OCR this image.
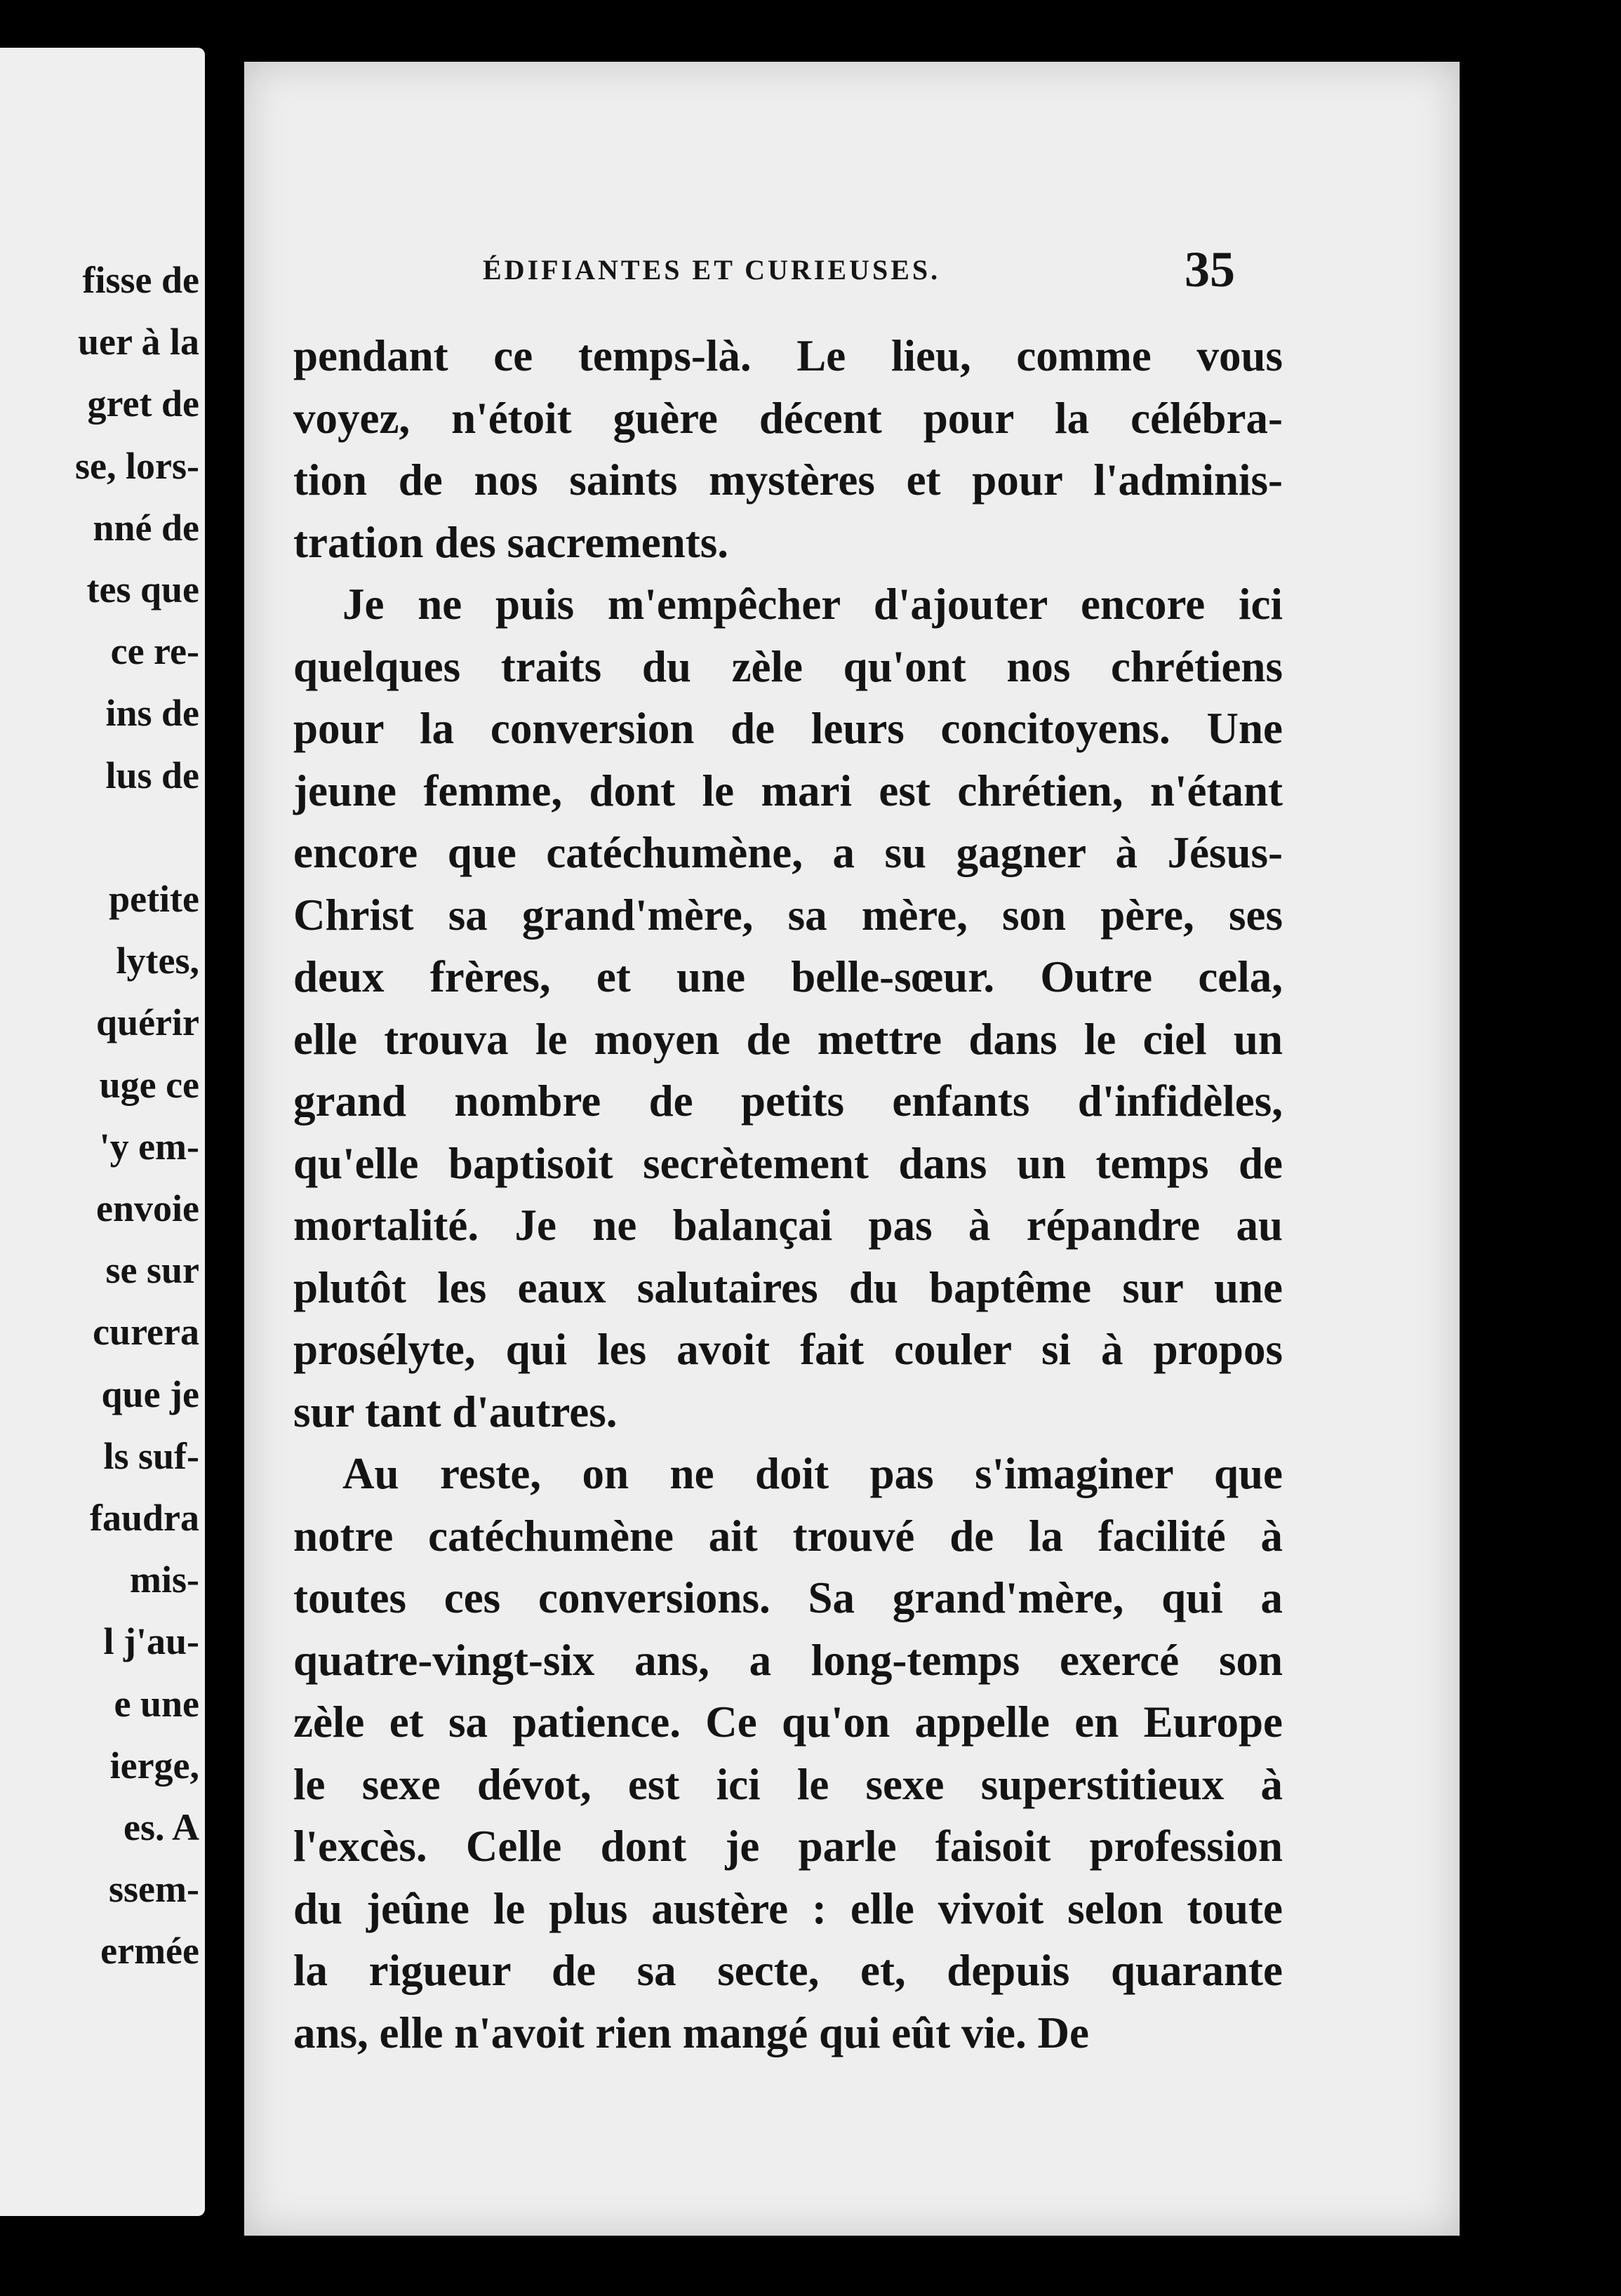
fisse de
uer à la
gret de
se, lors-
nné de
tes que
ce re-
ins de
lus de
petite
lytes,
quérir
uge ce
'y em-
envoie
se sur
curera
que je
ls suf-
faudra
mis-
l j'au-
e une
ierge,
es. A
ssem-
ermée
ÉDIFIANTES ET CURIEUSES.	35
pendant ce temps-là. Le lieu, comme vous
voyez, n'étoit guère décent pour la célébra-
tion de nos saints mystères et pour l'adminis-
tration des sacrements.
Je ne puis m'empêcher d'ajouter encore ici
quelques traits du zèle qu'ont nos chrétiens
pour la conversion de leurs concitoyens. Une
jeune femme, dont le mari est chrétien, n'étant
encore que catéchumène, a su gagner à Jésus-
Christ sa grand'mère, sa mère, son père, ses
deux frères, et une belle-sœur. Outre cela,
elle trouva le moyen de mettre dans le ciel un
grand nombre de petits enfants d'infidèles,
qu'elle baptisoit secrètement dans un temps de
mortalité. Je ne balançai pas à répandre au
plutôt les eaux salutaires du baptême sur une
prosélyte, qui les avoit fait couler si à propos
sur tant d'autres.
Au reste, on ne doit pas s'imaginer que
notre catéchumène ait trouvé de la facilité à
toutes ces conversions. Sa grand'mère, qui a
quatre-vingt-six ans, a long-temps exercé son
zèle et sa patience. Ce qu'on appelle en Europe
le sexe dévot, est ici le sexe superstitieux à
l'excès. Celle dont je parle faisoit profession
du jeûne le plus austère : elle vivoit selon toute
la rigueur de sa secte, et, depuis quarante
ans, elle n'avoit rien mangé qui eût vie. De
